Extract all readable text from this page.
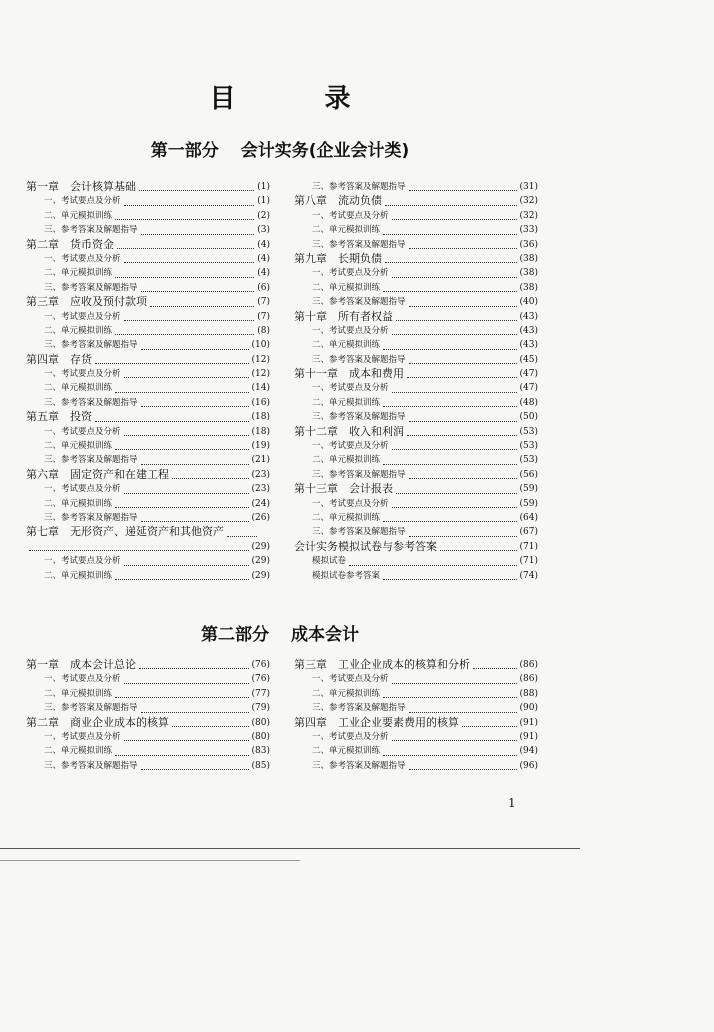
目 录
第一部分 会计实务(企业会计类)
第一章　会计核算基础	(1)
一、考试要点及分析	(1)
二、单元模拟训练	(2)
三、参考答案及解题指导	(3)
第二章　货币资金	(4)
一、考试要点及分析	(4)
二、单元模拟训练	(4)
三、参考答案及解题指导	(6)
第三章　应收及预付款项	(7)
一、考试要点及分析	(7)
二、单元模拟训练	(8)
三、参考答案及解题指导	(10)
第四章　存货	(12)
一、考试要点及分析	(12)
二、单元模拟训练	(14)
三、参考答案及解题指导	(16)
第五章　投资	(18)
一、考试要点及分析	(18)
二、单元模拟训练	(19)
三、参考答案及解题指导	(21)
第六章　固定资产和在建工程	(23)
一、考试要点及分析	(23)
二、单元模拟训练	(24)
三、参考答案及解题指导	(26)
第七章　无形资产、递延资产和其他资产
(29)
一、考试要点及分析	(29)
二、单元模拟训练	(29)
三、参考答案及解题指导	(31)
第八章　流动负债	(32)
一、考试要点及分析	(32)
二、单元模拟训练	(33)
三、参考答案及解题指导	(36)
第九章　长期负债	(38)
一、考试要点及分析	(38)
二、单元模拟训练	(38)
三、参考答案及解题指导	(40)
第十章　所有者权益	(43)
一、考试要点及分析	(43)
二、单元模拟训练	(43)
三、参考答案及解题指导	(45)
第十一章　成本和费用	(47)
一、考试要点及分析	(47)
二、单元模拟训练	(48)
三、参考答案及解题指导	(50)
第十二章　收入和利润	(53)
一、考试要点及分析	(53)
二、单元模拟训练	(53)
三、参考答案及解题指导	(56)
第十三章　会计报表	(59)
一、考试要点及分析	(59)
二、单元模拟训练	(64)
三、参考答案及解题指导	(67)
会计实务模拟试卷与参考答案	(71)
模拟试卷	(71)
模拟试卷参考答案	(74)
第二部分 成本会计
第一章　成本会计总论	(76)
一、考试要点及分析	(76)
二、单元模拟训练	(77)
三、参考答案及解题指导	(79)
第二章　商业企业成本的核算	(80)
一、考试要点及分析	(80)
二、单元模拟训练	(83)
三、参考答案及解题指导	(85)
第三章　工业企业成本的核算和分析	(86)
一、考试要点及分析	(86)
二、单元模拟训练	(88)
三、参考答案及解题指导	(90)
第四章　工业企业要素费用的核算	(91)
一、考试要点及分析	(91)
二、单元模拟训练	(94)
三、参考答案及解题指导	(96)
1
